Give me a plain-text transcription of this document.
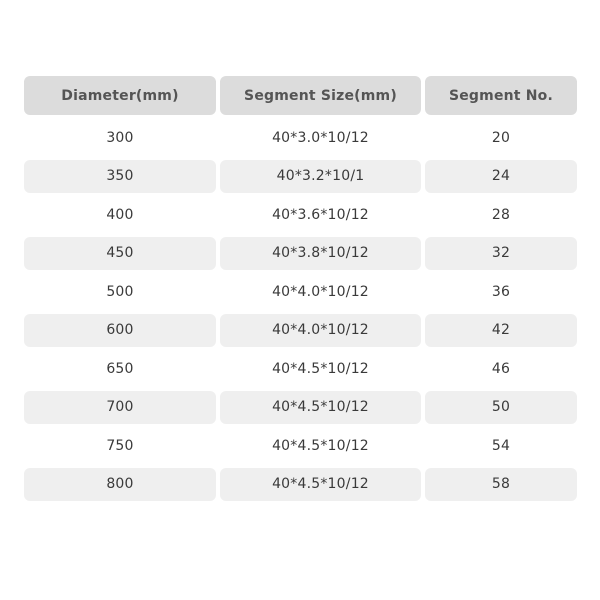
Diameter(mm)	Segment Size(mm)	Segment No.
300	40*3.0*10/12	20
350	40*3.2*10/1	24
400	40*3.6*10/12	28
450	40*3.8*10/12	32
500	40*4.0*10/12	36
600	40*4.0*10/12	42
650	40*4.5*10/12	46
700	40*4.5*10/12	50
750	40*4.5*10/12	54
800	40*4.5*10/12	58
